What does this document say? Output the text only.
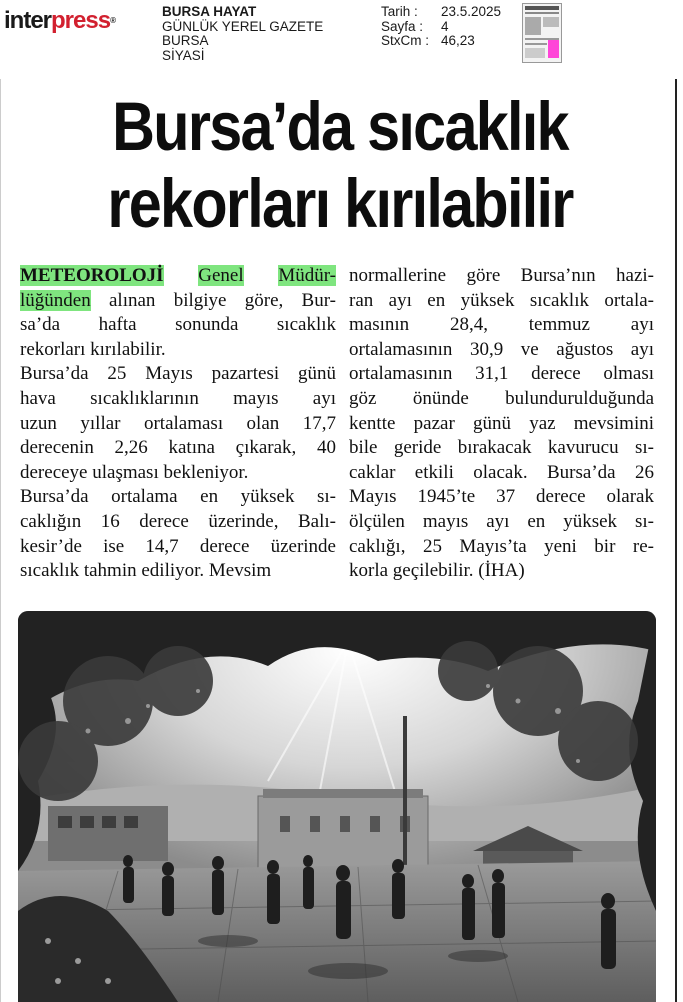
interpress®
BURSA HAYAT
GÜNLÜK YEREL GAZETE
BURSA
SİYASİ
Tarih :	23.5.2025
Sayfa :	4
StxCm : 46,23
Bursa’da sıcaklık
rekorları kırılabilir
METEOROLOJİ Genel Müdür-
lüğünden alınan bilgiye göre, Bur-
sa’da hafta sonunda sıcaklık
rekorları kırılabilir.
Bursa’da 25 Mayıs pazartesi günü
hava sıcaklıklarının mayıs ayı
uzun yıllar ortalaması olan 17,7
derecenin 2,26 katına çıkarak, 40
dereceye ulaşması bekleniyor.
Bursa’da ortalama en yüksek sı-
caklığın 16 derece üzerinde, Balı-
kesir’de ise 14,7 derece üzerinde
sıcaklık tahmin ediliyor. Mevsim
normallerine göre Bursa’nın hazi-
ran ayı en yüksek sıcaklık ortala-
masının 28,4, temmuz ayı
ortalamasının 30,9 ve ağustos ayı
ortalamasının 31,1 derece olması
göz önünde bulundurulduğunda
kentte pazar günü yaz mevsimini
bile geride bırakacak kavurucu sı-
caklar etkili olacak. Bursa’da 26
Mayıs 1945’te 37 derece olarak
ölçülen mayıs ayı en yüksek sı-
caklığı, 25 Mayıs’ta yeni bir re-
korla geçilebilir. (İHA)
